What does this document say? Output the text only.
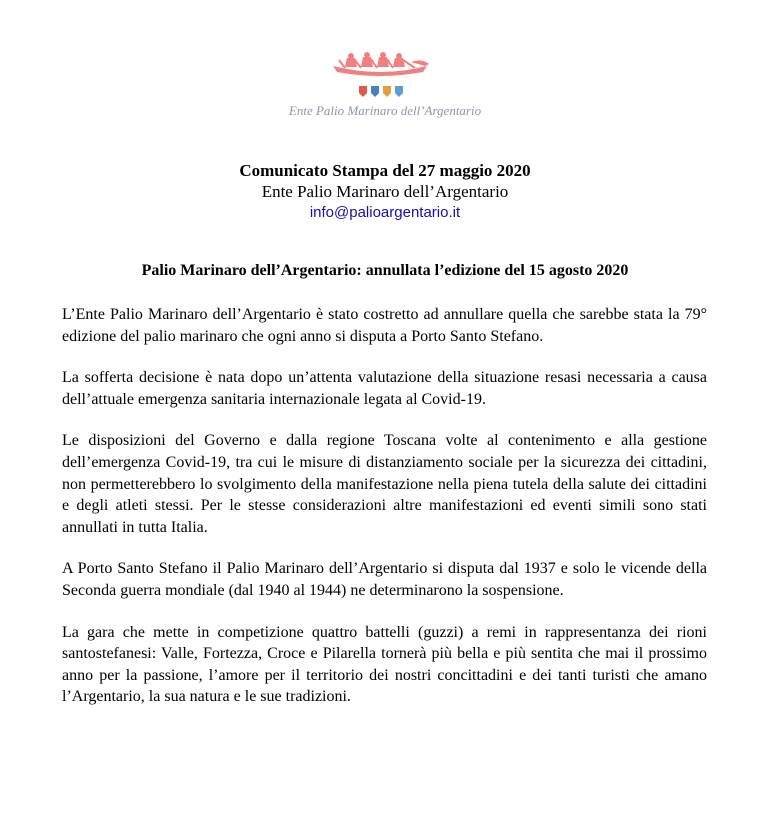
Ente Palio Marinaro dell’Argentario
Comunicato Stampa del 27 maggio 2020
Ente Palio Marinaro dell’Argentario
info@palioargentario.it
Palio Marinaro dell’Argentario: annullata l’edizione del 15 agosto 2020

L’Ente Palio Marinaro dell’Argentario è stato costretto ad annullare quella che sarebbe stata la 79° edizione del palio marinaro che ogni anno si disputa a Porto Santo Stefano.

La sofferta decisione è nata dopo un’attenta valutazione della situazione resasi necessaria a causa dell’attuale emergenza sanitaria internazionale legata al Covid-19.

Le disposizioni del Governo e dalla regione Toscana volte al contenimento e alla gestione dell’emergenza Covid-19, tra cui le misure di distanziamento sociale per la sicurezza dei cittadini, non permetterebbero lo svolgimento della manifestazione nella piena tutela della salute dei cittadini e degli atleti stessi. Per le stesse considerazioni altre manifestazioni ed eventi simili sono stati annullati in tutta Italia.

A Porto Santo Stefano il Palio Marinaro dell’Argentario si disputa dal 1937 e solo le vicende della Seconda guerra mondiale (dal 1940 al 1944) ne determinarono la sospensione.

La gara che mette in competizione quattro battelli (guzzi) a remi in rappresentanza dei rioni santostefanesi: Valle, Fortezza, Croce e Pilarella tornerà più bella e più sentita che mai il prossimo anno per la passione, l’amore per il territorio dei nostri concittadini e dei tanti turisti che amano l’Argentario, la sua natura e le sue tradizioni.
